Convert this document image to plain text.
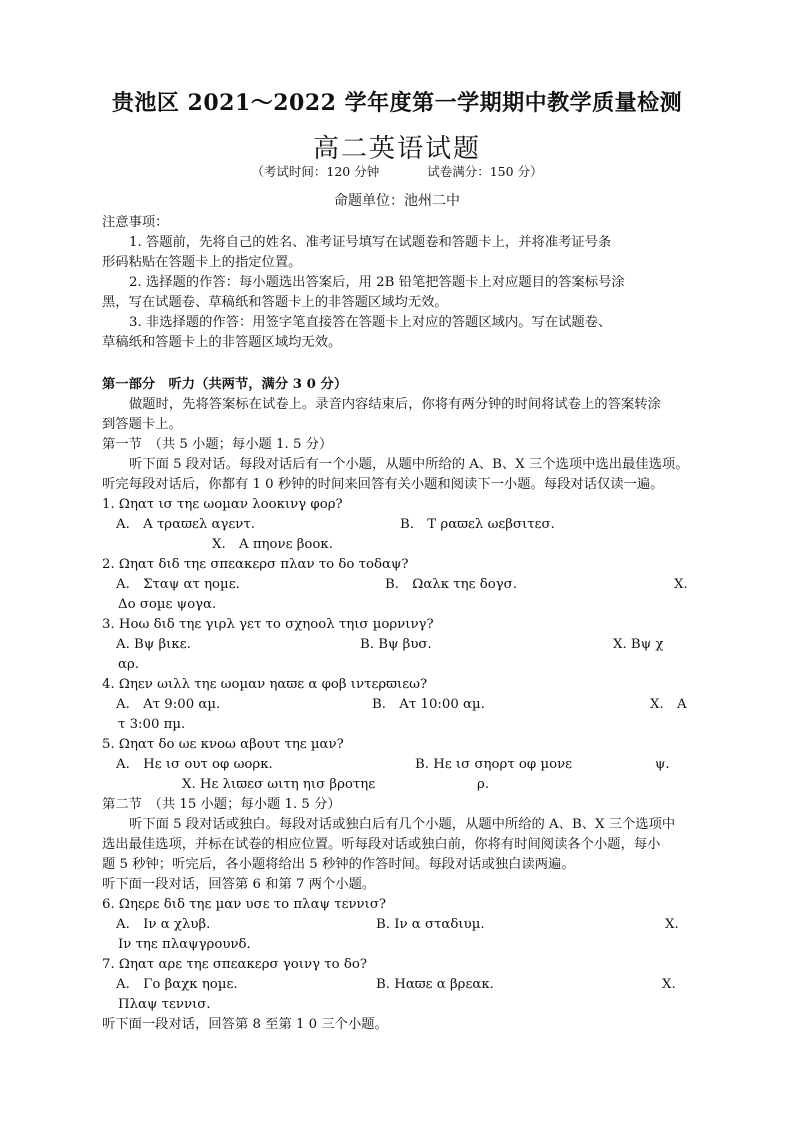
贵池区 2021～2022 学年度第一学期期中教学质量检测
高二英语试题
（考试时间：120 分钟	试卷满分：150 分）
命题单位：池州二中

注意事项：

1. 答题前，先将自己的姓名、准考证号填写在试题卷和答题卡上，并将准考证号条

形码粘贴在答题卡上的指定位置。

2. 选择题的作答：每小题选出答案后，用 2B 铅笔把答题卡上对应题目的答案标号涂

黑，写在试题卷、草稿纸和答题卡上的非答题区域均无效。

3. 非选择题的作答：用签字笔直接答在答题卡上对应的答题区域内。写在试题卷、

草稿纸和答题卡上的非答题区域均无效。

第一部分　听力（共两节，满分 3 0 分）

做题时，先将答案标在试卷上。录音内容结束后，你将有两分钟的时间将试卷上的答案转涂

到答题卡上。

第一节　（共 5 小题；每小题 1. 5 分）

听下面 5 段对话。每段对话后有一个小题，从题中所给的 A、B、X 三个选项中选出最佳选项。

听完每段对话后，你都有 1 0 秒钟的时间来回答有关小题和阅读下一小题。每段对话仅读一遍。

1. Ωηατ ισ τηε ωοµαν λοοκινγ φορ?

Α.　Α τραϖελ αγεντ.	Β.　Τ ραϖελ ωεβσιτεσ.
Χ.　Α πηονε βοοκ.

2. Ωηατ διδ τηε σπεακερσ πλαν το δο τοδαψ?

Α.　Σταψ ατ ηοµε.	Β.　Ωαλκ τηε δογσ.	Χ.
Δο σοµε ψογα.

3. Ηοω διδ τηε γιρλ γετ το σχηοολ τηισ µορνινγ?

Α. Βψ βικε.	Β. Βψ βυσ.	Χ. Βψ χ
αρ.

4. Ωηεν ωιλλ τηε ωοµαν ηαϖε α φοβ ιντερϖιεω?

Α.　Ατ 9:00 αµ.	Β.　Ατ 10:00 αµ.	Χ.　Α
τ 3:00 πµ.

5. Ωηατ δο ωε κνοω αβουτ τηε µαν?

Α.　Ηε ισ ουτ οφ ωορκ.	Β. Ηε ισ σηορτ οφ µονε	ψ.
Χ. Ηε λιϖεσ ωιτη ηισ βροτηε	ρ.

第二节　（共 15 小题；每小题 1. 5 分）

听下面 5 段对话或独白。每段对话或独白后有几个小题，从题中所给的 A、B、X 三个选项中

选出最佳选项，并标在试卷的相应位置。听每段对话或独白前，你将有时间阅读各个小题，每小

题 5 秒钟；听完后，各小题将给出 5 秒钟的作答时间。每段对话或独白读两遍。

听下面一段对话，回答第 6 和第 7 两个小题。

6. Ωηερε διδ τηε µαν υσε το πλαψ τεννισ?

Α.　Ιν α χλυβ.	Β. Ιν α σταδιυµ.	Χ.
Ιν τηε πλαψγρουνδ.

7. Ωηατ αρε τηε σπεακερσ γοινγ το δο?

Α.　Γο βαχκ ηοµε.	Β. Ηαϖε α βρεακ.	Χ.
Πλαψ τεννισ.

听下面一段对话，回答第 8 至第 1 0 三个小题。
